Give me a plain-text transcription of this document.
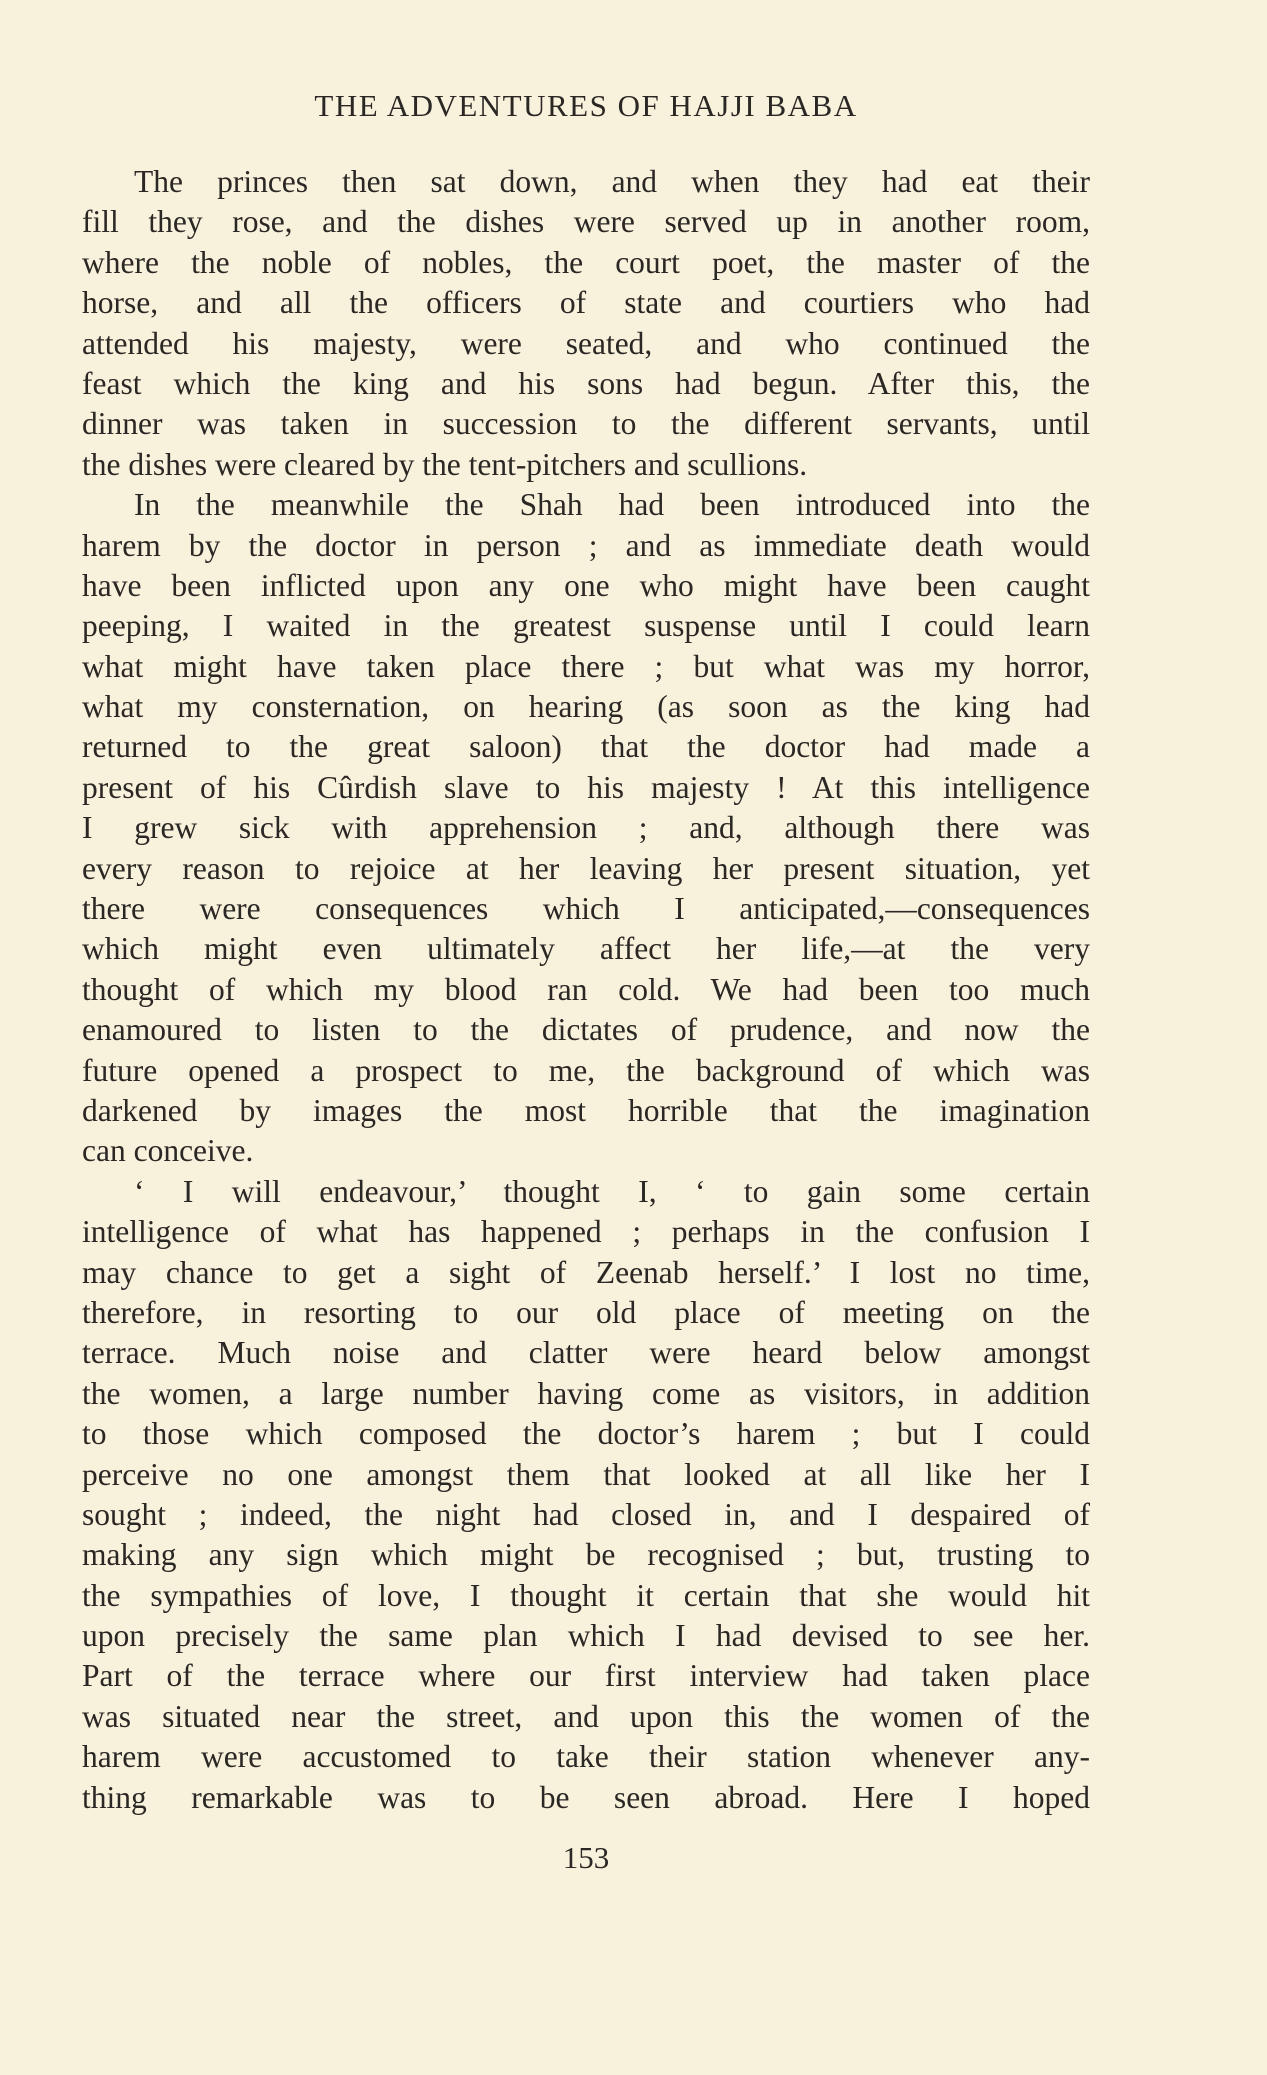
THE ADVENTURES OF HAJJI BABA
The princes then sat down, and when they had eat their
fill they rose, and the dishes were served up in another room,
where the noble of nobles, the court poet, the master of the
horse, and all the officers of state and courtiers who had
attended his majesty, were seated, and who continued the
feast which the king and his sons had begun. After this, the
dinner was taken in succession to the different servants, until
the dishes were cleared by the tent-pitchers and scullions.
In the meanwhile the Shah had been introduced into the
harem by the doctor in person ; and as immediate death would
have been inflicted upon any one who might have been caught
peeping, I waited in the greatest suspense until I could learn
what might have taken place there ; but what was my horror,
what my consternation, on hearing (as soon as the king had
returned to the great saloon) that the doctor had made a
present of his Cûrdish slave to his majesty ! At this intelligence
I grew sick with apprehension ; and, although there was
every reason to rejoice at her leaving her present situation, yet
there were consequences which I anticipated,—consequences
which might even ultimately affect her life,—at the very
thought of which my blood ran cold. We had been too much
enamoured to listen to the dictates of prudence, and now the
future opened a prospect to me, the background of which was
darkened by images the most horrible that the imagination
can conceive.
‘ I will endeavour,’ thought I, ‘ to gain some certain
intelligence of what has happened ; perhaps in the confusion I
may chance to get a sight of Zeenab herself.’ I lost no time,
therefore, in resorting to our old place of meeting on the
terrace. Much noise and clatter were heard below amongst
the women, a large number having come as visitors, in addition
to those which composed the doctor’s harem ; but I could
perceive no one amongst them that looked at all like her I
sought ; indeed, the night had closed in, and I despaired of
making any sign which might be recognised ; but, trusting to
the sympathies of love, I thought it certain that she would hit
upon precisely the same plan which I had devised to see her.
Part of the terrace where our first interview had taken place
was situated near the street, and upon this the women of the
harem were accustomed to take their station whenever any-
thing remarkable was to be seen abroad. Here I hoped
153
